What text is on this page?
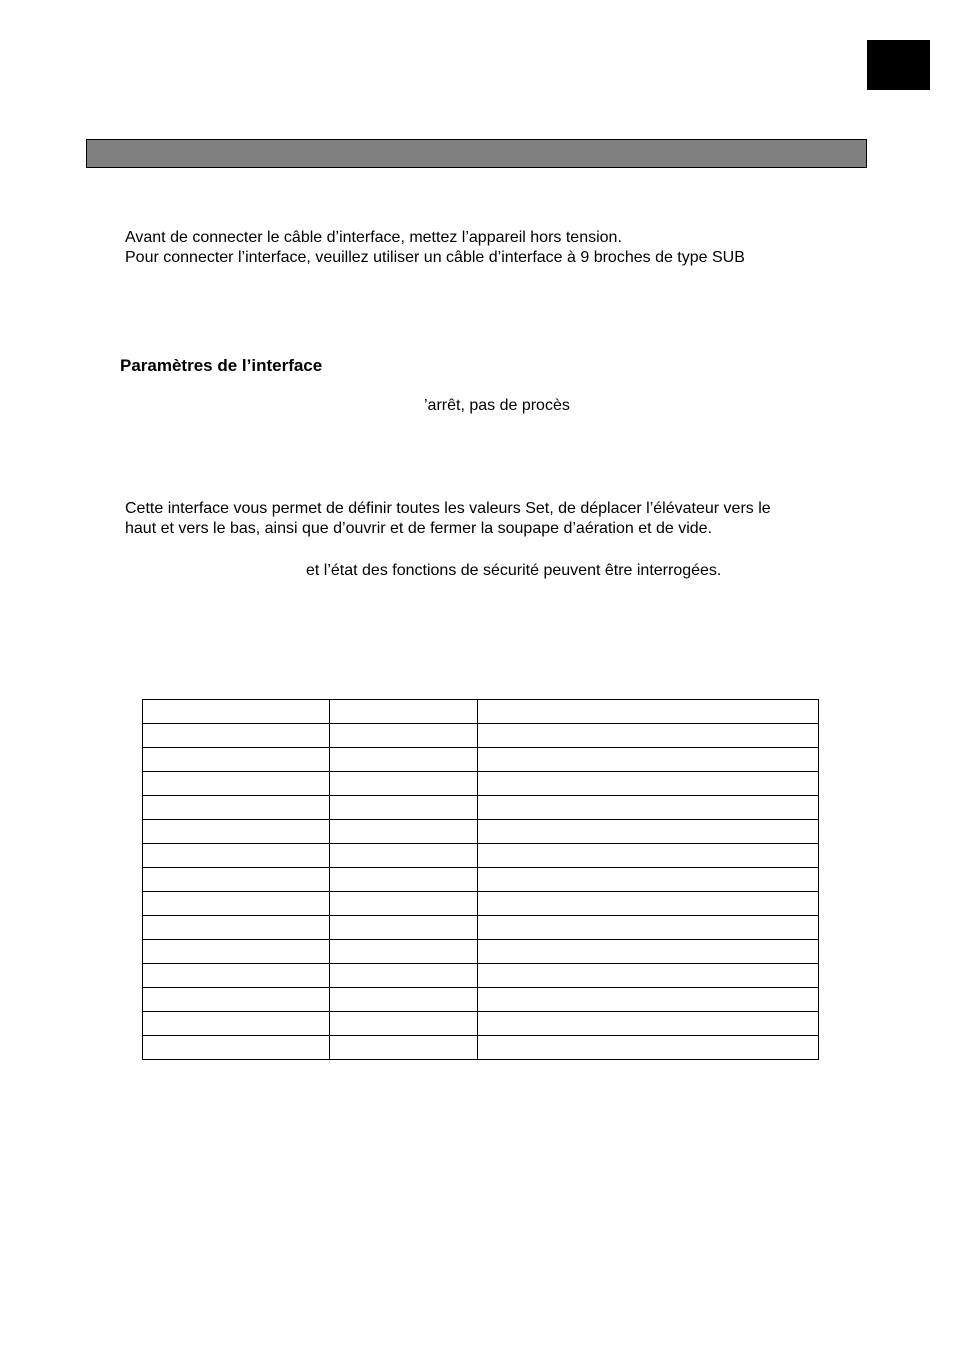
Avant de connecter le câble d’interface, mettez l’appareil hors tension.
Pour connecter l’interface, veuillez utiliser un câble d’interface à 9 broches de type SUB
Paramètres de l’interface
’arrêt, pas de procès
Cette interface vous permet de définir toutes les valeurs Set, de déplacer l’élévateur vers le
haut et vers le bas, ainsi que d’ouvrir et de fermer la soupape d’aération et de vide.
et l’état des fonctions de sécurité peuvent être interrogées.
